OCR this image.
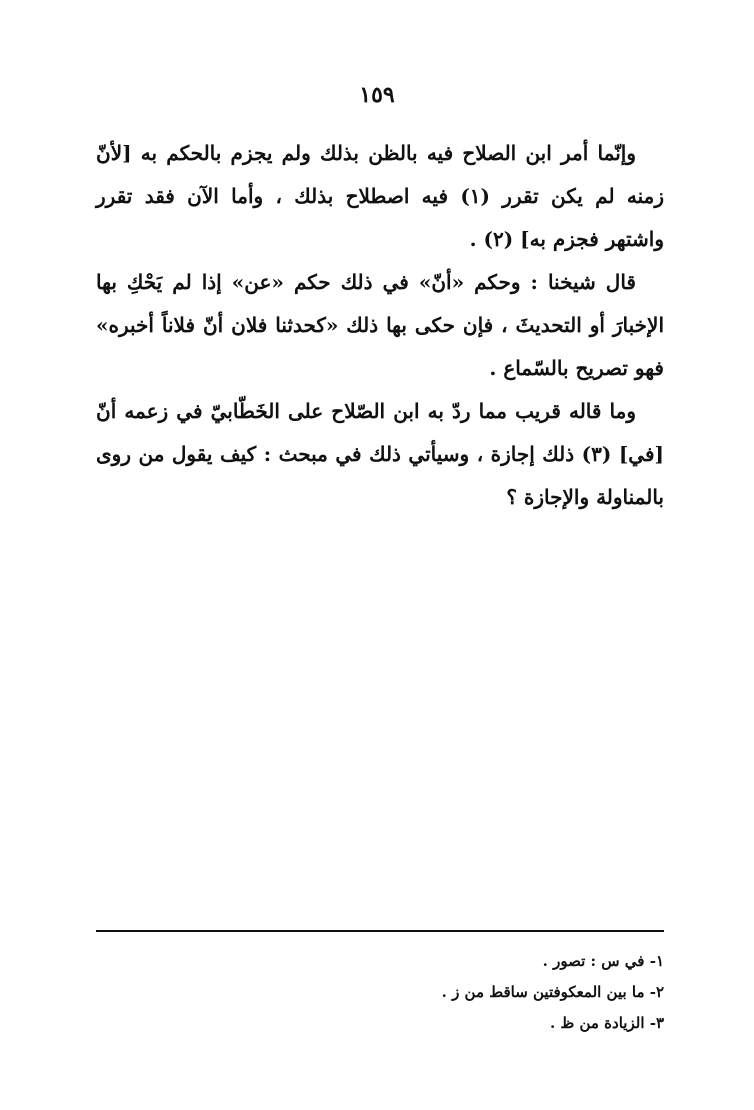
١٥٩

وإنّما أمر ابن الصلاح فيه بالظن بذلك ولم يجزم بالحكم به [لأنّ زمنه لم يكن تقرر (١) فيه اصطلاح بذلك ، وأما الآن فقد تقرر واشتهر فجزم به] (٢) .

قال شيخنا : وحكم «أنّ» في ذلك حكم «عن» إذا لم يَحْكِ بها الإخبارَ أو التحديثَ ، فإن حكى بها ذلك «كحدثنا فلان أنّ فلاناً أخبره» فهو تصريح بالسّماع .

وما قاله قريب مما ردّ به ابن الصّلاح على الخَطّابيّ في زعمه أنّ [في] (٣) ذلك إجازة ، وسيأتي ذلك في مبحث : كيف يقول من روى بالمناولة والإجازة ؟

١- في س : تصور .
٢- ما بين المعكوفتين ساقط من ز .
٣- الزيادة من ظ .
